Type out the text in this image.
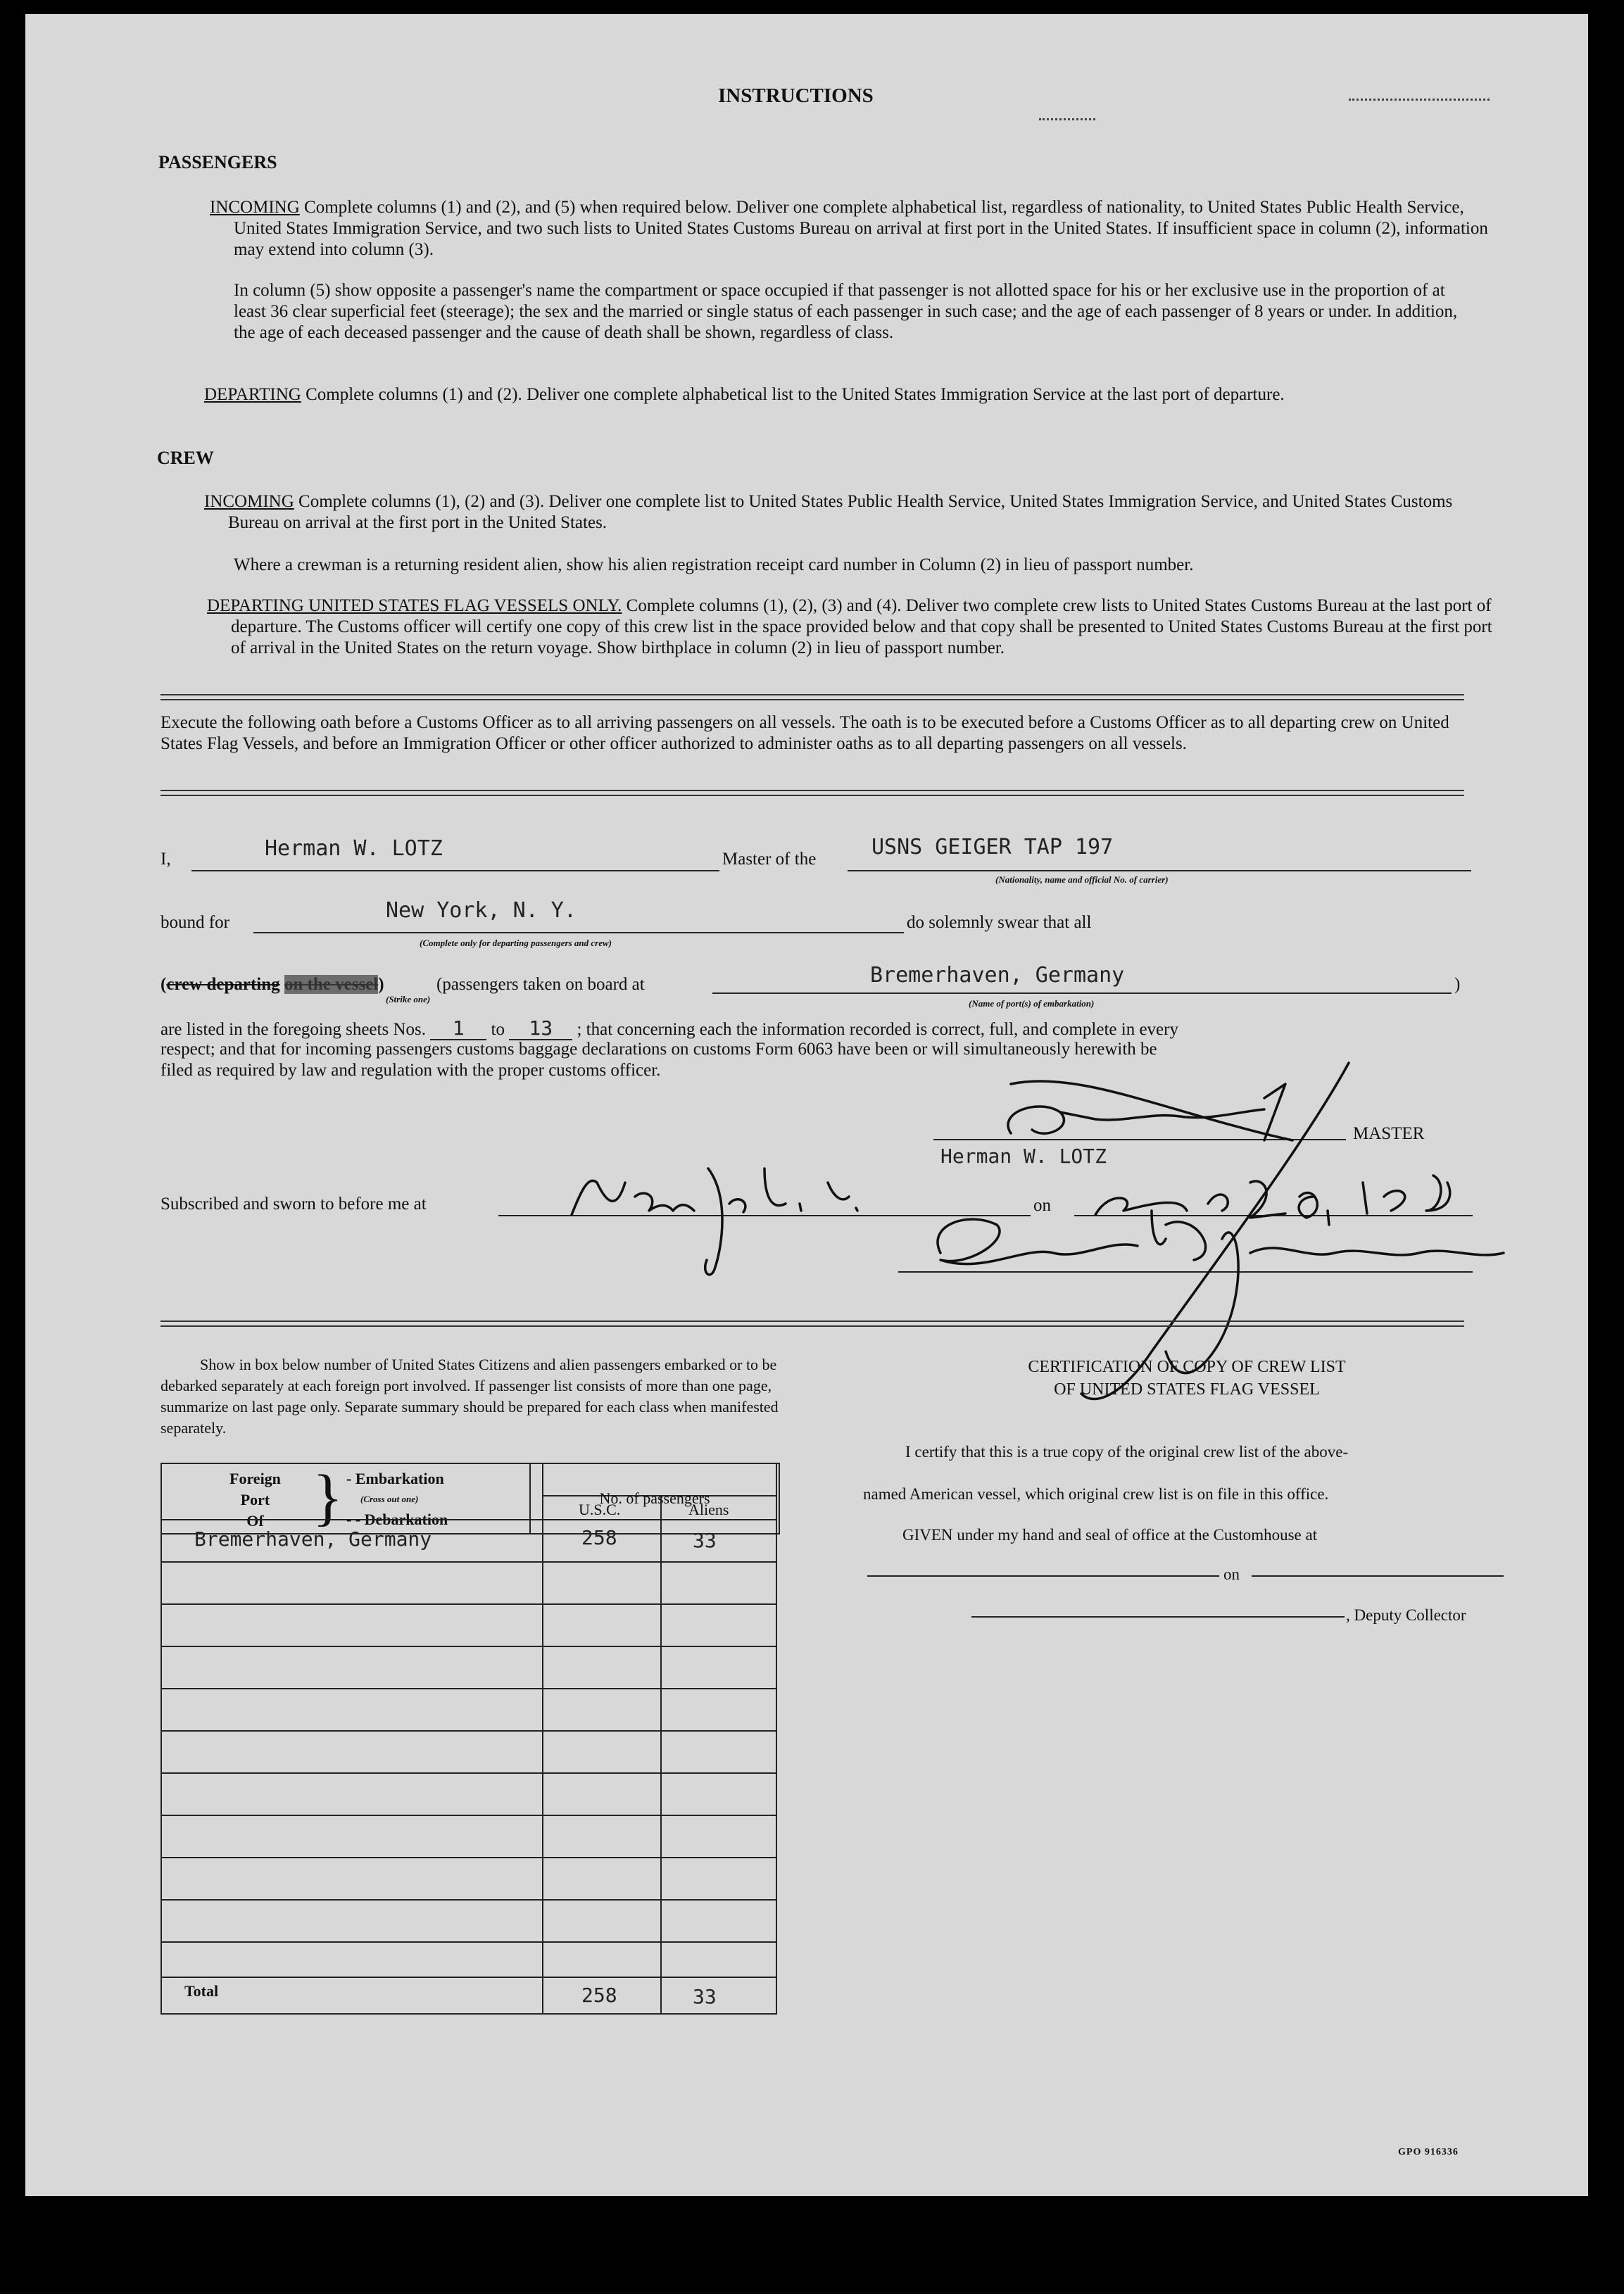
INSTRUCTIONS
PASSENGERS
INCOMING Complete columns (1) and (2), and (5) when required below. Deliver one complete alphabetical list, regardless of nationality, to United States Public Health Service, United States Immigration Service, and two such lists to United States Customs Bureau on arrival at first port in the United States. If insufficient space in column (2), information may extend into column (3).
In column (5) show opposite a passenger's name the compartment or space occupied if that passenger is not allotted space for his or her exclusive use in the proportion of at least 36 clear superficial feet (steerage); the sex and the married or single status of each passenger in such case; and the age of each passenger of 8 years or under. In addition, the age of each deceased passenger and the cause of death shall be shown, regardless of class.
DEPARTING Complete columns (1) and (2). Deliver one complete alphabetical list to the United States Immigration Service at the last port of departure.
CREW
INCOMING Complete columns (1), (2) and (3). Deliver one complete list to United States Public Health Service, United States Immigration Service, and United States Customs Bureau on arrival at the first port in the United States.
Where a crewman is a returning resident alien, show his alien registration receipt card number in Column (2) in lieu of passport number.
DEPARTING UNITED STATES FLAG VESSELS ONLY. Complete columns (1), (2), (3) and (4). Deliver two complete crew lists to United States Customs Bureau at the last port of departure. The Customs officer will certify one copy of this crew list in the space provided below and that copy shall be presented to United States Customs Bureau at the first port of arrival in the United States on the return voyage. Show birthplace in column (2) in lieu of passport number.
Execute the following oath before a Customs Officer as to all arriving passengers on all vessels. The oath is to be executed before a Customs Officer as to all departing crew on United States Flag Vessels, and before an Immigration Officer or other officer authorized to administer oaths as to all departing passengers on all vessels.
I,	Herman W. LOTZ	Master of the	USNS GEIGER TAP 197
(Nationality, name and official No. of carrier)
bound for	New York, N. Y.
(Complete only for departing passengers and crew)
do solemnly swear that all
(crew departing on the vessel)	(passengers taken on board at
(Strike one)
Bremerhaven, Germany
(Name of port(s) of embarkation)
)
are listed in the foregoing sheets Nos. 1 to 13 ; that concerning each the information recorded is correct, full, and complete in every
respect; and that for incoming passengers customs baggage declarations on customs Form 6063 have been or will simultaneously herewith be
filed as required by law and regulation with the proper customs officer.
MASTER
Herman W. LOTZ
Subscribed and sworn to before me at	on
Show in box below number of United States Citizens and alien passengers embarked or to be debarked separately at each foreign port involved. If passenger list consists of more than one page, summarize on last page only. Separate summary should be prepared for each class when manifested separately.
Foreign
Port
Of } - Embarkation
(Cross out one)
- - Debarkation
	No. of passengers

U.S.C.	Aliens
Bremerhaven, Germany	258	33
Total	258	33
CERTIFICATION OF COPY OF CREW LIST
OF UNITED STATES FLAG VESSEL
I certify that this is a true copy of the original crew list of the above-
named American vessel, which original crew list is on file in this office.
GIVEN under my hand and seal of office at the Customhouse at
on
, Deputy Collector
GPO 916336
